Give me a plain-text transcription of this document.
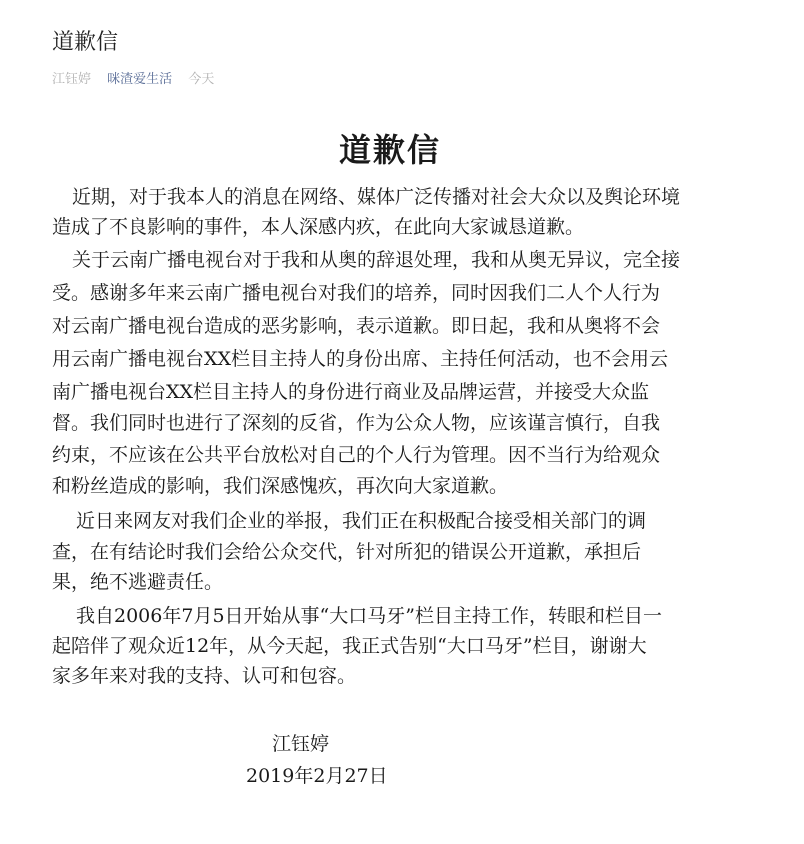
道歉信
江钰婷 咪渣爱生活 今天
道歉信
近期，对于我本人的消息在网络、媒体广泛传播对社会大众以及舆论环境
造成了不良影响的事件，本人深感内疚，在此向大家诚恳道歉。
关于云南广播电视台对于我和从奥的辞退处理，我和从奥无异议，完全接
受。感谢多年来云南广播电视台对我们的培养，同时因我们二人个人行为
对云南广播电视台造成的恶劣影响，表示道歉。即日起，我和从奥将不会
用云南广播电视台XX栏目主持人的身份出席、主持任何活动，也不会用云
南广播电视台XX栏目主持人的身份进行商业及品牌运营，并接受大众监
督。我们同时也进行了深刻的反省，作为公众人物，应该谨言慎行，自我
约束，不应该在公共平台放松对自己的个人行为管理。因不当行为给观众
和粉丝造成的影响，我们深感愧疚，再次向大家道歉。
近日来网友对我们企业的举报，我们正在积极配合接受相关部门的调
查，在有结论时我们会给公众交代，针对所犯的错误公开道歉，承担后
果，绝不逃避责任。
我自2006年7月5日开始从事“大口马牙”栏目主持工作，转眼和栏目一
起陪伴了观众近12年，从今天起，我正式告别“大口马牙”栏目，谢谢大
家多年来对我的支持、认可和包容。
江钰婷
2019年2月27日
